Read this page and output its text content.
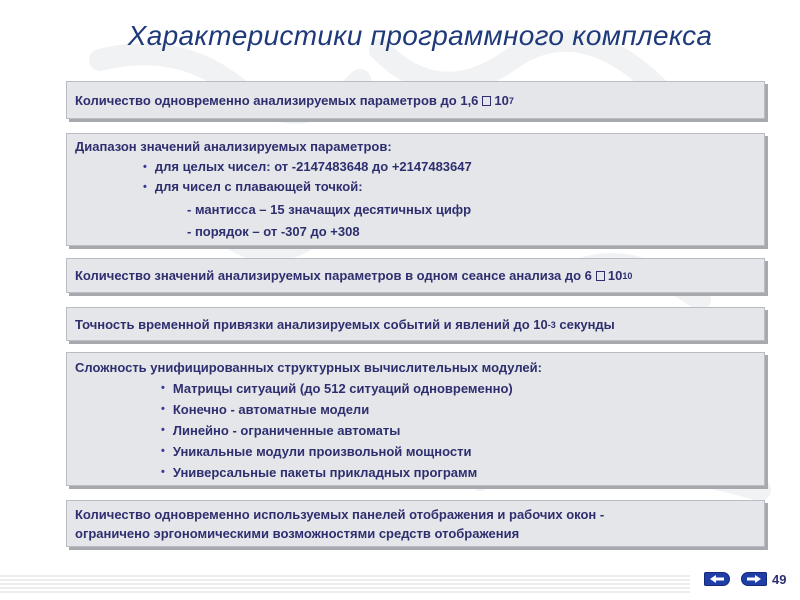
Характеристики программного комплекса
Количество одновременно анализируемых параметров до 1,6 10 7
Диапазон значений анализируемых параметров:
• для целых чисел: от -2147483648 до +2147483647
• для чисел с плавающей точкой:
- мантисса – 15 значащих десятичных цифр
- порядок – от -307 до +308
Количество значений анализируемых параметров в одном сеансе анализа до 6 10 10
Точность временной привязки анализируемых событий и явлений до 10 -3
секунды
Сложность унифицированных структурных вычислительных модулей:
• Матрицы ситуаций (до 512 ситуаций одновременно)
• Конечно - автоматные модели
• Линейно - ограниченные автоматы
• Уникальные модули произвольной мощности
• Универсальные пакеты прикладных программ
Количество одновременно используемых панелей отображения и рабочих окон -
ограничено эргономическими возможностями средств отображения
49
